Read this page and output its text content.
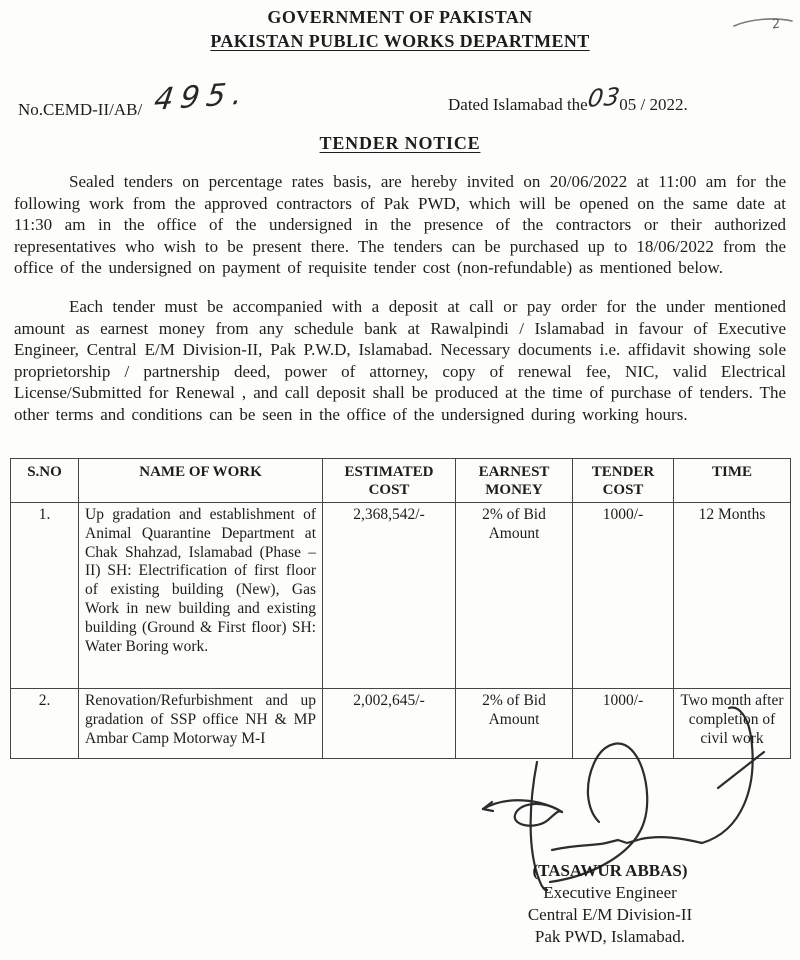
GOVERNMENT OF PAKISTAN
PAKISTAN PUBLIC WORKS DEPARTMENT
2
No.CEMD-II/AB/ 495.	Dated Islamabad the0305 / 2022.
TENDER NOTICE
Sealed tenders on percentage rates basis, are hereby invited on 20/06/2022 at 11:00 am for the following work from the approved contractors of Pak PWD, which will be opened on the same date at 11:30 am in the office of the undersigned in the presence of the contractors or their authorized representatives who wish to be present there. The tenders can be purchased up to 18/06/2022 from the office of the undersigned on payment of requisite tender cost (non-refundable) as mentioned below.
Each tender must be accompanied with a deposit at call or pay order for the under mentioned amount as earnest money from any schedule bank at Rawalpindi / Islamabad in favour of Executive Engineer, Central E/M Division-II, Pak P.W.D, Islamabad. Necessary documents i.e. affidavit showing sole proprietorship / partnership deed, power of attorney, copy of renewal fee, NIC, valid Electrical License/Submitted for Renewal , and call deposit shall be produced at the time of purchase of tenders. The other terms and conditions can be seen in the office of the undersigned during working hours.
S.NO	NAME OF WORK	ESTIMATED COST	EARNEST MONEY	TENDER COST	TIME
1.	Up gradation and establishment of Animal Quarantine Department at Chak Shahzad, Islamabad (Phase –II) SH: Electrification of first floor of existing building (New), Gas Work in new building and existing building (Ground & First floor) SH: Water Boring work.	2,368,542/-	2% of Bid Amount	1000/-	12 Months
2.	Renovation/Refurbishment and up gradation of SSP office NH & MP Ambar Camp Motorway M-I	2,002,645/-	2% of Bid Amount	1000/-	Two month after completion of civil work
(TASAWUR ABBAS)
Executive Engineer
Central E/M Division-II
Pak PWD, Islamabad.
